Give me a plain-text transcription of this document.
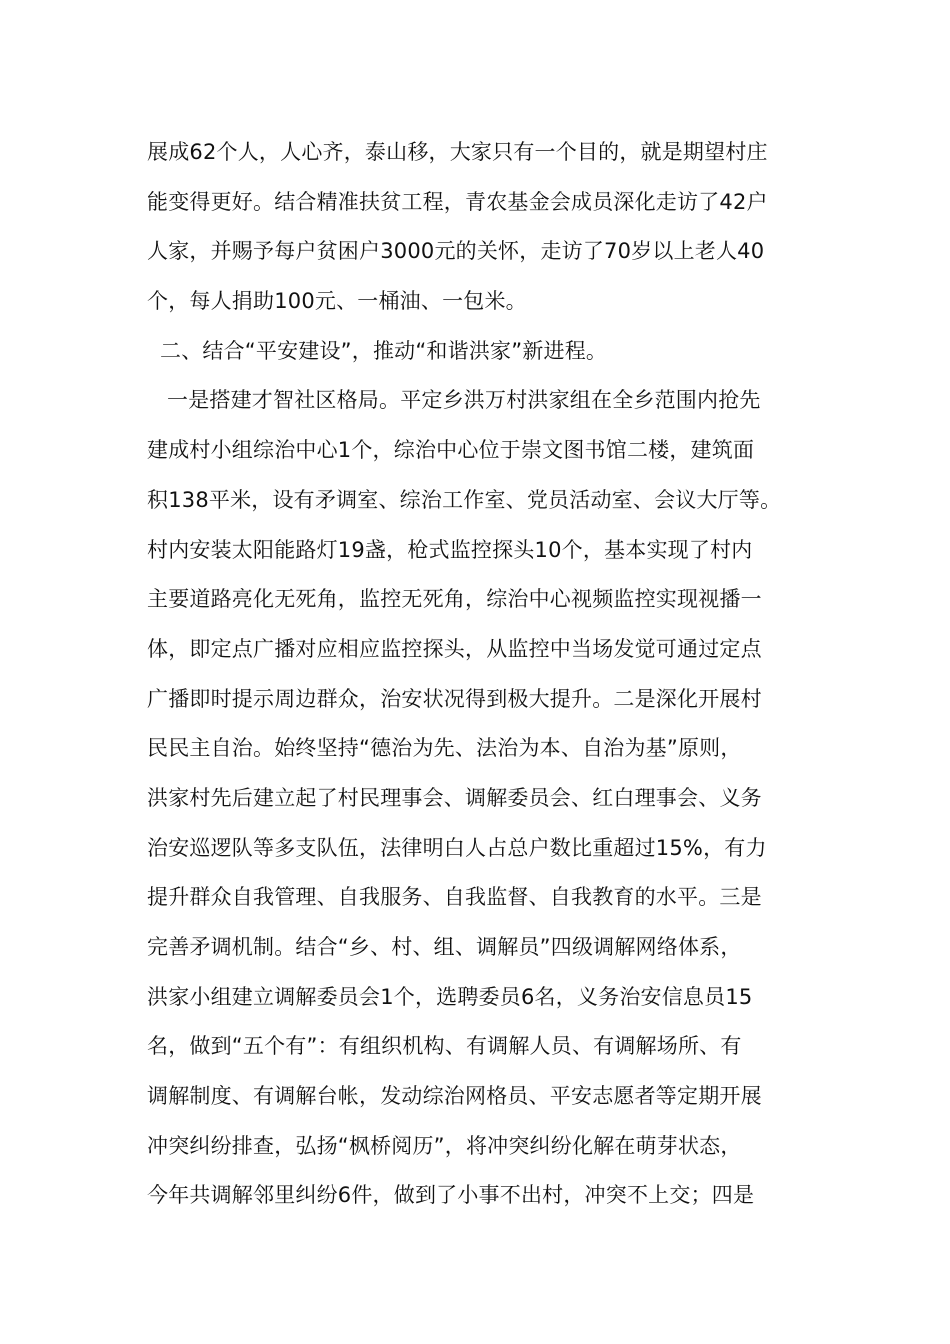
展成62个人，人心齐，泰山移，大家只有一个目的，就是期望村庄
能变得更好。结合精准扶贫工程，青农基金会成员深化走访了42户
人家，并赐予每户贫困户3000元的关怀，走访了70岁以上老人40
个，每人捐助100元、一桶油、一包米。
二、结合“平安建设”，推动“和谐洪家”新进程。
一是搭建才智社区格局。平定乡洪万村洪家组在全乡范围内抢先
建成村小组综治中心1个，综治中心位于崇文图书馆二楼，建筑面
积138平米，设有矛调室、综治工作室、党员活动室、会议大厅等。
村内安装太阳能路灯19盏，枪式监控探头10个，基本实现了村内
主要道路亮化无死角，监控无死角，综治中心视频监控实现视播一
体，即定点广播对应相应监控探头，从监控中当场发觉可通过定点
广播即时提示周边群众，治安状况得到极大提升。二是深化开展村
民民主自治。始终坚持“德治为先、法治为本、自治为基”原则，
洪家村先后建立起了村民理事会、调解委员会、红白理事会、义务
治安巡逻队等多支队伍，法律明白人占总户数比重超过15%，有力
提升群众自我管理、自我服务、自我监督、自我教育的水平。三是
完善矛调机制。结合“乡、村、组、调解员”四级调解网络体系，
洪家小组建立调解委员会1个，选聘委员6名，义务治安信息员15
名，做到“五个有”：有组织机构、有调解人员、有调解场所、有
调解制度、有调解台帐，发动综治网格员、平安志愿者等定期开展
冲突纠纷排查，弘扬“枫桥阅历”，将冲突纠纷化解在萌芽状态，
今年共调解邻里纠纷6件，做到了小事不出村，冲突不上交；四是
